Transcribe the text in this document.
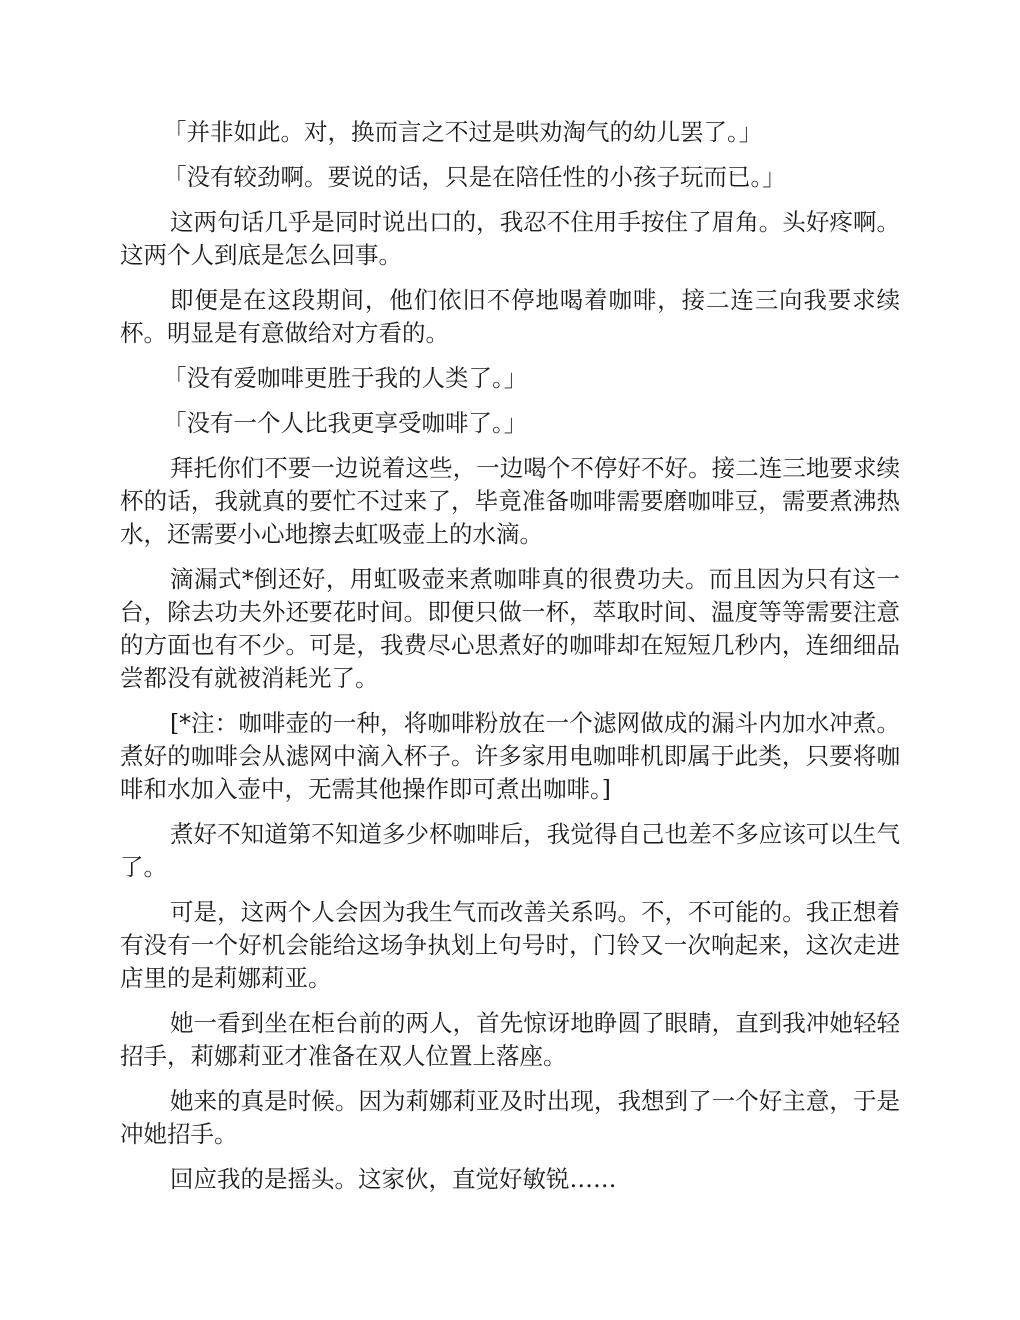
「并非如此。对，换而言之不过是哄劝淘气的幼儿罢了。」

「没有较劲啊。要说的话，只是在陪任性的小孩子玩而已。」

这两句话几乎是同时说出口的，我忍不住用手按住了眉角。头好疼啊。这两个人到底是怎么回事。

即便是在这段期间，他们依旧不停地喝着咖啡，接二连三向我要求续杯。明显是有意做给对方看的。

「没有爱咖啡更胜于我的人类了。」

「没有一个人比我更享受咖啡了。」

拜托你们不要一边说着这些，一边喝个不停好不好。接二连三地要求续杯的话，我就真的要忙不过来了，毕竟准备咖啡需要磨咖啡豆，需要煮沸热水，还需要小心地擦去虹吸壶上的水滴。

滴漏式*倒还好，用虹吸壶来煮咖啡真的很费功夫。而且因为只有这一台，除去功夫外还要花时间。即便只做一杯，萃取时间、温度等等需要注意的方面也有不少。可是，我费尽心思煮好的咖啡却在短短几秒内，连细细品尝都没有就被消耗光了。

[*注：咖啡壶的一种，将咖啡粉放在一个滤网做成的漏斗内加水冲煮。煮好的咖啡会从滤网中滴入杯子。许多家用电咖啡机即属于此类，只要将咖啡和水加入壶中，无需其他操作即可煮出咖啡。]

煮好不知道第不知道多少杯咖啡后，我觉得自己也差不多应该可以生气了。

可是，这两个人会因为我生气而改善关系吗。不，不可能的。我正想着有没有一个好机会能给这场争执划上句号时，门铃又一次响起来，这次走进店里的是莉娜莉亚。

她一看到坐在柜台前的两人，首先惊讶地睁圆了眼睛，直到我冲她轻轻招手，莉娜莉亚才准备在双人位置上落座。

她来的真是时候。因为莉娜莉亚及时出现，我想到了一个好主意，于是冲她招手。

回应我的是摇头。这家伙，直觉好敏锐……
